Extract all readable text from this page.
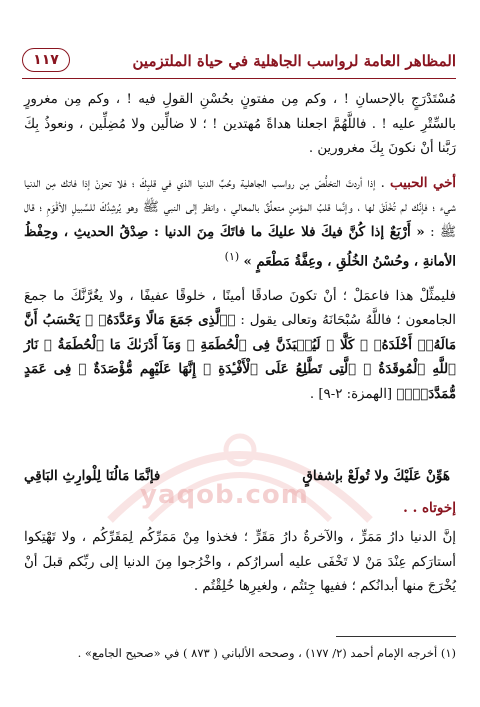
المظاهر العامة لرواسب الجاهلية في حياة الملتزمين
١١٧
yaqob.com

مُسْتَدْرَجٍ بالإحسانِ ! ، وكم مِن مفتونٍ بحُسْنِ القولِ فيه ! ، وكم مِن مغرورٍ بالسِّتْرِ عليه ! . فاللَّهُمَّ اجعلنا هداةً مُهتدين ! ؛ لا ضالِّين ولا مُضِلِّين ، ونعوذُ بِكَ رَبَّنا أنْ نكونَ بِكَ مغرورين .

أخي الحبيب . إذا أردتَ التخلُّصَ مِن رواسب الجاهلية وحُبِّ الدنيا الذي في قلبِكَ ؛ فلا تحزنْ إذا فاتك مِن الدنيا شيء ؛ فإنَّك لم تُخْلَقْ لها ، وإنَّما قلبُ المؤمنِ متعلِّقٌ بالمعالي ، وانظر إلى النبي ﷺ وهو يُرشِدُكَ للسَّبيلِ الأقْوَمِ ؛ قال ﷺ : « أَرْبَعٌ إذا كُنَّ فيكَ فلا عليكَ ما فاتَكَ مِنَ الدنيا : صِدْقُ الحديثِ ، وحِفْظُ الأمانةِ ، وحُسْنُ الخُلُقِ ، وعِفَّةُ مَطْعَمٍ » $^{(١)}$

فليمثِّلْ هذا فاعمَلْ ؛ أنْ تكونَ صادقًا أمينًا ، خلوقًا عفيفًا ، ولا يغُرَّنَّكَ ما جمعَ الجامعون ؛ فاللَّهُ سُبْحَانَهُ وتعالى يقول : ﴿ٱلَّذِى جَمَعَ مَالًا وَعَدَّدَهُۥ ۞ يَحْسَبُ أَنَّ مَالَهُۥٓ أَخْلَدَهُۥ ۞ كَلَّا ۖ لَيُنۢبَذَنَّ فِى ٱلْحُطَمَةِ ۞ وَمَآ أَدْرَىٰكَ مَا ٱلْحُطَمَةُ ۞ نَارُ ٱللَّهِ ٱلْمُوقَدَةُ ۞ ٱلَّتِى تَطَّلِعُ عَلَى ٱلْأَفْـِٔدَةِ ۞ إِنَّهَا عَلَيْهِم مُّؤْصَدَةٌ ۞ فِى عَمَدٍ مُّمَدَّدَةٍۭ﴾ [الهمزة: ٢-٩] .

هَوِّنْ عَلَيْكَ ولا تُولَعْ بإشفاقٍ
فإنَّمَا مَالُنَا لِلْوارِثِ البَاقِي
إخوتاه . .

إنَّ الدنيا دارُ مَمَرٍّ ، والآخرةُ دارُ مَقَرٍّ ؛ فخذوا مِنْ مَمَرِّكُم لِمَقَرِّكُم ، ولا تَهْتِكوا أستارَكم عِنْدَ مَنْ لا تَخْفَى عليه أسرارُكم ، واخْرُجوا مِنَ الدنيا إلى ربِّكم قبلَ أنْ يُخْرَجَ منها أبدانُكم ؛ ففيها جِئتُم ، ولغيرِها خُلِقْتُم .

(١) أخرجه الإمام أحمد (٢/ ١٧٧) ، وصححه الألباني ( ٨٧٣ ) في «صحيح الجامع» .
